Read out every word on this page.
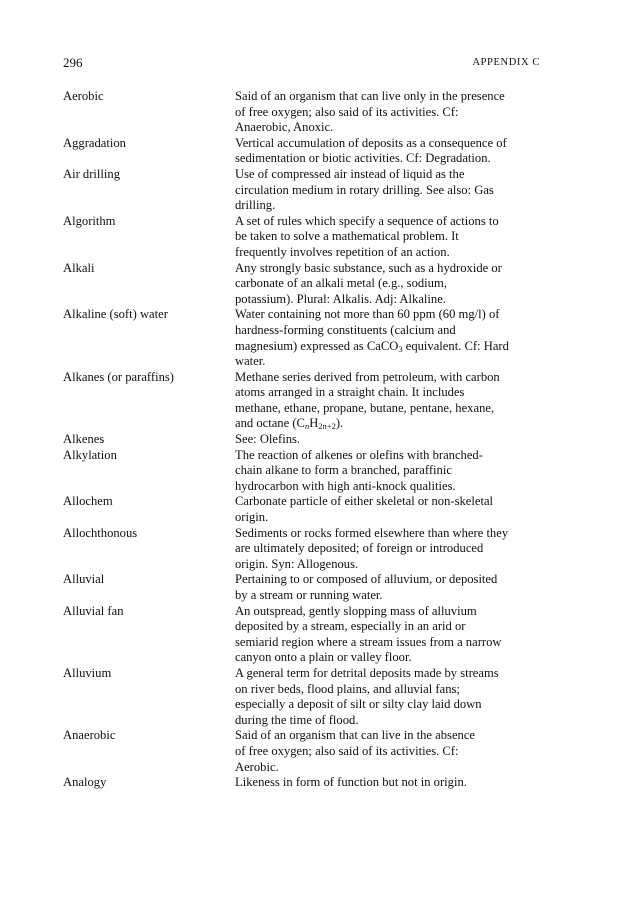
296	APPENDIX C
Aerobic	Said of an organism that can live only in the presence
of free oxygen; also said of its activities. Cf:
Anaerobic, Anoxic.
Aggradation	Vertical accumulation of deposits as a consequence of
sedimentation or biotic activities. Cf: Degradation.
Air drilling	Use of compressed air instead of liquid as the
circulation medium in rotary drilling. See also: Gas
drilling.
Algorithm	A set of rules which specify a sequence of actions to
be taken to solve a mathematical problem. It
frequently involves repetition of an action.
Alkali	Any strongly basic substance, such as a hydroxide or
carbonate of an alkali metal (e.g., sodium,
potassium). Plural: Alkalis. Adj: Alkaline.
Alkaline (soft) water	Water containing not more than 60 ppm (60 mg/l) of
hardness-forming constituents (calcium and
magnesium) expressed as CaCO$_3$ equivalent. Cf: Hard
water.
Alkanes (or paraffins)	Methane series derived from petroleum, with carbon
atoms arranged in a straight chain. It includes
methane, ethane, propane, butane, pentane, hexane,
and octane $(C_nH_{2n+2})$.
Alkenes	See: Olefins.
Alkylation	The reaction of alkenes or olefins with branched-
chain alkane to form a branched, paraffinic
hydrocarbon with high anti-knock qualities.
Allochem	Carbonate particle of either skeletal or non-skeletal
origin.
Allochthonous	Sediments or rocks formed elsewhere than where they
are ultimately deposited; of foreign or introduced
origin. Syn: Allogenous.
Alluvial	Pertaining to or composed of alluvium, or deposited
by a stream or running water.
Alluvial fan	An outspread, gently slopping mass of alluvium
deposited by a stream, especially in an arid or
semiarid region where a stream issues from a narrow
canyon onto a plain or valley floor.
Alluvium	A general term for detrital deposits made by streams
on river beds, flood plains, and alluvial fans;
especially a deposit of silt or silty clay laid down
during the time of flood.
Anaerobic	Said of an organism that can live in the absence
of free oxygen; also said of its activities. Cf:
Aerobic.
Analogy	Likeness in form of function but not in origin.
